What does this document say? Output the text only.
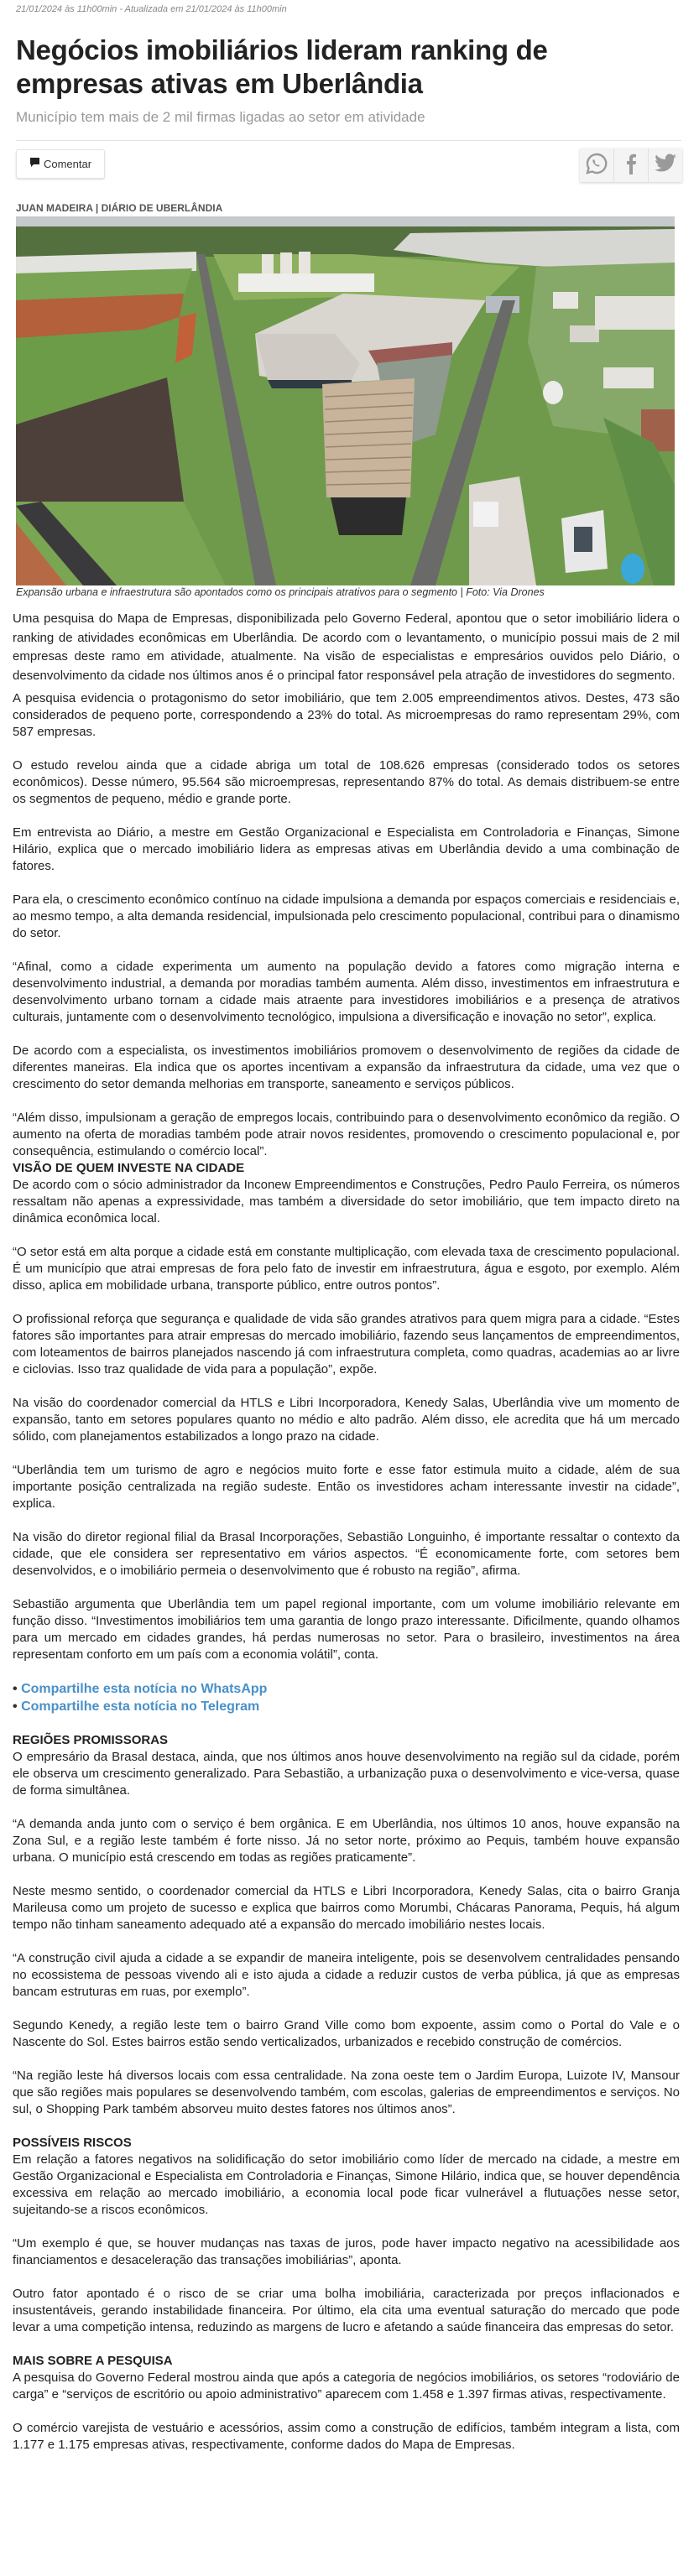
21/01/2024 às 11h00min - Atualizada em 21/01/2024 às 11h00min
Negócios imobiliários lideram ranking de empresas ativas em Uberlândia
Município tem mais de 2 mil firmas ligadas ao setor em atividade
Comentar
JUAN MADEIRA | DIÁRIO DE UBERLÂNDIA
Expansão urbana e infraestrutura são apontados como os principais atrativos para o segmento | Foto: Via Drones

Uma pesquisa do Mapa de Empresas, disponibilizada pelo Governo Federal, apontou que o setor imobiliário lidera o ranking de atividades econômicas em Uberlândia. De acordo com o levantamento, o município possui mais de 2 mil empresas deste ramo em atividade, atualmente. Na visão de especialistas e empresários ouvidos pelo Diário, o desenvolvimento da cidade nos últimos anos é o principal fator responsável pela atração de investidores do segmento.

A pesquisa evidencia o protagonismo do setor imobiliário, que tem 2.005 empreendimentos ativos. Destes, 473 são considerados de pequeno porte, correspondendo a 23% do total. As microempresas do ramo representam 29%, com 587 empresas.

O estudo revelou ainda que a cidade abriga um total de 108.626 empresas (considerado todos os setores econômicos). Desse número, 95.564 são microempresas, representando 87% do total. As demais distribuem-se entre os segmentos de pequeno, médio e grande porte.

Em entrevista ao Diário, a mestre em Gestão Organizacional e Especialista em Controladoria e Finanças, Simone Hilário, explica que o mercado imobiliário lidera as empresas ativas em Uberlândia devido a uma combinação de fatores.

Para ela, o crescimento econômico contínuo na cidade impulsiona a demanda por espaços comerciais e residenciais e, ao mesmo tempo, a alta demanda residencial, impulsionada pelo crescimento populacional, contribui para o dinamismo do setor.

“Afinal, como a cidade experimenta um aumento na população devido a fatores como migração interna e desenvolvimento industrial, a demanda por moradias também aumenta. Além disso, investimentos em infraestrutura e desenvolvimento urbano tornam a cidade mais atraente para investidores imobiliários e a presença de atrativos culturais, juntamente com o desenvolvimento tecnológico, impulsiona a diversificação e inovação no setor”, explica.

De acordo com a especialista, os investimentos imobiliários promovem o desenvolvimento de regiões da cidade de diferentes maneiras. Ela indica que os aportes incentivam a expansão da infraestrutura da cidade, uma vez que o crescimento do setor demanda melhorias em transporte, saneamento e serviços públicos.

“Além disso, impulsionam a geração de empregos locais, contribuindo para o desenvolvimento econômico da região. O aumento na oferta de moradias também pode atrair novos residentes, promovendo o crescimento populacional e, por consequência, estimulando o comércio local”.

VISÃO DE QUEM INVESTE NA CIDADE

De acordo com o sócio administrador da Inconew Empreendimentos e Construções, Pedro Paulo Ferreira, os números ressaltam não apenas a expressividade, mas também a diversidade do setor imobiliário, que tem impacto direto na dinâmica econômica local.

“O setor está em alta porque a cidade está em constante multiplicação, com elevada taxa de crescimento populacional. É um município que atrai empresas de fora pelo fato de investir em infraestrutura, água e esgoto, por exemplo. Além disso, aplica em mobilidade urbana, transporte público, entre outros pontos”.

O profissional reforça que segurança e qualidade de vida são grandes atrativos para quem migra para a cidade. “Estes fatores são importantes para atrair empresas do mercado imobiliário, fazendo seus lançamentos de empreendimentos, com loteamentos de bairros planejados nascendo já com infraestrutura completa, como quadras, academias ao ar livre e ciclovias. Isso traz qualidade de vida para a população”, expõe.

Na visão do coordenador comercial da HTLS e Libri Incorporadora, Kenedy Salas, Uberlândia vive um momento de expansão, tanto em setores populares quanto no médio e alto padrão. Além disso, ele acredita que há um mercado sólido, com planejamentos estabilizados a longo prazo na cidade.

“Uberlândia tem um turismo de agro e negócios muito forte e esse fator estimula muito a cidade, além de sua importante posição centralizada na região sudeste. Então os investidores acham interessante investir na cidade”, explica.

Na visão do diretor regional filial da Brasal Incorporações, Sebastião Longuinho, é importante ressaltar o contexto da cidade, que ele considera ser representativo em vários aspectos. “É economicamente forte, com setores bem desenvolvidos, e o imobiliário permeia o desenvolvimento que é robusto na região”, afirma.

Sebastião argumenta que Uberlândia tem um papel regional importante, com um volume imobiliário relevante em função disso. “Investimentos imobiliários tem uma garantia de longo prazo interessante. Dificilmente, quando olhamos para um mercado em cidades grandes, há perdas numerosas no setor. Para o brasileiro, investimentos na área representam conforto em um país com a economia volátil”, conta.

• Compartilhe esta notícia no WhatsApp
• Compartilhe esta notícia no Telegram
REGIÕES PROMISSORAS

O empresário da Brasal destaca, ainda, que nos últimos anos houve desenvolvimento na região sul da cidade, porém ele observa um crescimento generalizado. Para Sebastião, a urbanização puxa o desenvolvimento e vice-versa, quase de forma simultânea.

“A demanda anda junto com o serviço é bem orgânica. E em Uberlândia, nos últimos 10 anos, houve expansão na Zona Sul, e a região leste também é forte nisso. Já no setor norte, próximo ao Pequis, também houve expansão urbana. O município está crescendo em todas as regiões praticamente”.

Neste mesmo sentido, o coordenador comercial da HTLS e Libri Incorporadora, Kenedy Salas, cita o bairro Granja Marileusa como um projeto de sucesso e explica que bairros como Morumbi, Chácaras Panorama, Pequis, há algum tempo não tinham saneamento adequado até a expansão do mercado imobiliário nestes locais.

“A construção civil ajuda a cidade a se expandir de maneira inteligente, pois se desenvolvem centralidades pensando no ecossistema de pessoas vivendo ali e isto ajuda a cidade a reduzir custos de verba pública, já que as empresas bancam estruturas em ruas, por exemplo”.

Segundo Kenedy, a região leste tem o bairro Grand Ville como bom expoente, assim como o Portal do Vale e o Nascente do Sol. Estes bairros estão sendo verticalizados, urbanizados e recebido construção de comércios.

“Na região leste há diversos locais com essa centralidade. Na zona oeste tem o Jardim Europa, Luizote IV, Mansour que são regiões mais populares se desenvolvendo também, com escolas, galerias de empreendimentos e serviços. No sul, o Shopping Park também absorveu muito destes fatores nos últimos anos”.

POSSÍVEIS RISCOS

Em relação a fatores negativos na solidificação do setor imobiliário como líder de mercado na cidade, a mestre em Gestão Organizacional e Especialista em Controladoria e Finanças, Simone Hilário, indica que, se houver dependência excessiva em relação ao mercado imobiliário, a economia local pode ficar vulnerável a flutuações nesse setor, sujeitando-se a riscos econômicos.

“Um exemplo é que, se houver mudanças nas taxas de juros, pode haver impacto negativo na acessibilidade aos financiamentos e desaceleração das transações imobiliárias”, aponta.

Outro fator apontado é o risco de se criar uma bolha imobiliária, caracterizada por preços inflacionados e insustentáveis, gerando instabilidade financeira. Por último, ela cita uma eventual saturação do mercado que pode levar a uma competição intensa, reduzindo as margens de lucro e afetando a saúde financeira das empresas do setor.

MAIS SOBRE A PESQUISA

A pesquisa do Governo Federal mostrou ainda que após a categoria de negócios imobiliários, os setores “rodoviário de carga” e “serviços de escritório ou apoio administrativo” aparecem com 1.458 e 1.397 firmas ativas, respectivamente.

O comércio varejista de vestuário e acessórios, assim como a construção de edifícios, também integram a lista, com 1.177 e 1.175 empresas ativas, respectivamente, conforme dados do Mapa de Empresas.
